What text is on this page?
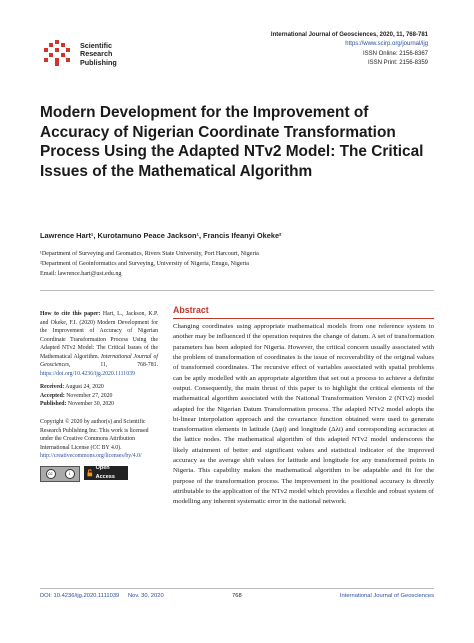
Scientific
Research
Publishing
International Journal of Geosciences, 2020, 11, 768-781
https://www.scirp.org/journal/ijg
ISSN Online: 2156-8367
ISSN Print: 2156-8359
Modern Development for the Improvement of Accuracy of Nigerian Coordinate Transformation Process Using the Adapted NTv2 Model: The Critical Issues of the Mathematical Algorithm
Lawrence Hart¹, Kurotamuno Peace Jackson¹, Francis Ifeanyi Okeke²
¹Department of Surveying and Geomatics, Rivers State University, Port Harcourt, Nigeria
²Department of Geoinformatics and Surveying, University of Nigeria, Enugu, Nigeria
Email: lawrence.hart@ust.edu.ng
How to cite this paper: Hart, L., Jackson, K.P. and Okeke, F.I. (2020) Modern Development for the Improvement of Accuracy of Nigerian Coordinate Transformation Process Using the Adapted NTv2 Model: The Critical Issues of the Mathematical Algorithm. International Journal of Geosciences,	11, 768-781. https://doi.org/10.4236/ijg.2020.1111039
Received: August 24, 2020
Accepted: November 27, 2020
Published: November 30, 2020
Copyright © 2020 by author(s) and Scientific Research Publishing Inc. This work is licensed under the Creative Commons Attribution International License (CC BY 4.0). http://creativecommons.org/licenses/by/4.0/
cc	i
Open Access
Abstract
Changing coordinates using appropriate mathematical models from one reference system to another may be influenced if the operation requires the change of datum. A set of transformation parameters has been adopted for Nigeria. However, the critical concern usually associated with the problem of transformation of coordinates is the issue of recoverability of the original values of transformed coordinates. The recursive effect of variables associated with spatial problems can be aptly modelled with an appropriate algorithm that set out a process to achieve a definite output. Consequently, the main thrust of this paper is to highlight the critical elements of the mathematical algorithm associated with the National Transformation Version 2 (NTv2) model adapted for the Nigerian Datum Transformation process. The adapted NTv2 model adopts the bi-linear interpolation approach and the covariance function obtained were used to generate transformation elements in latitude (Δφi) and longitude (Δλi) and corresponding accuracies at the lattice nodes. The mathematical algorithm of this adapted NTv2 model underscores the likely attainment of better and significant values and statistical indicator of the improved accuracy as the average shift values for latitude and longitude for any transformed points in Nigeria. This capability makes the mathematical algorithm to be adaptable and fit for the purpose of the transformation process. The improvement in the positional accuracy is directly attributable to the application of the NTv2 model which provides a flexible and robust system of modelling any inherent systematic error in the national network.
DOI: 10.4236/ijg.2020.1111039 Nov. 30, 2020	768	International Journal of Geosciences
